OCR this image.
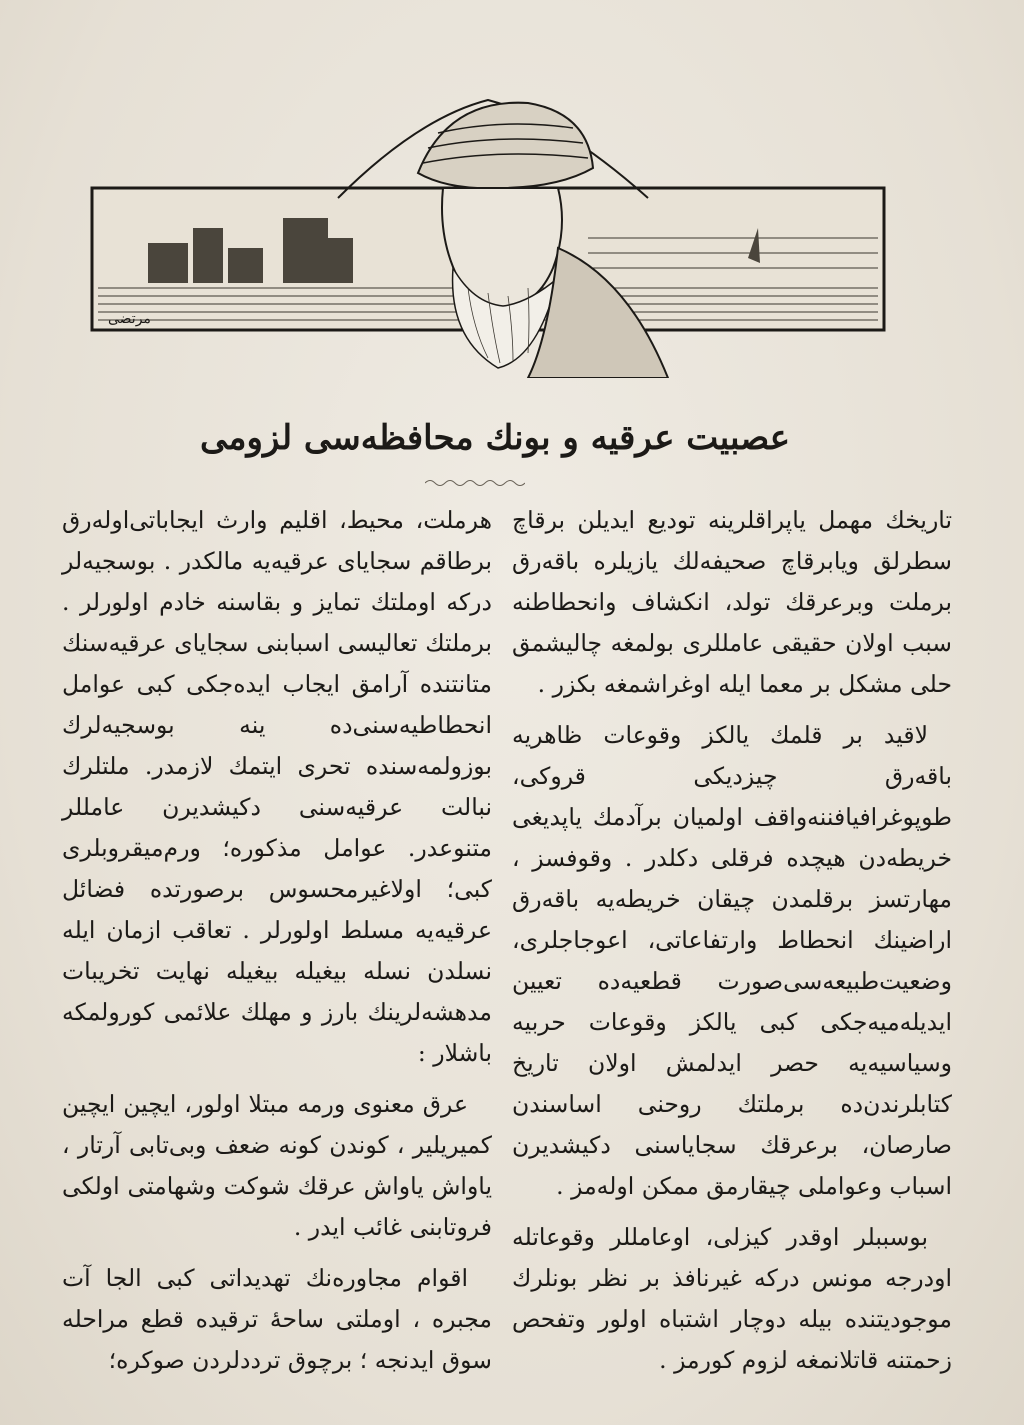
مرتضی
عصبیت عرقیه و بونك محافظه‌سی لزومی

تاریخك مهمل یاپراقلرینه تودیع ایدیلن برقاچ سطرلق ویابرقاچ صحیفه‌لك یازیلره باقه‌رق برملت وبرعرقك تولد، انکشاف وانحطاطنه سبب اولان حقیقی عامللری بولمغه چالیشمق حلی مشکل بر معما ایله اوغراشمغه بکزر .

لاقید بر قلمك یالکز وقوعات ظاهریه باقه‌رق چیزدیکی قروکی، طوپوغرافیافننه‌واقف اولمیان برآدمك یاپدیغی خریطه‌دن هیچده فرقلی دکلدر . وقوفسز ، مهارتسز برقلمدن چیقان خریطه‌یه باقه‌رق اراضینك انحطاط وارتفاعاتی، اعوجاجلری، وضعیت‌طبیعه‌سی‌صورت قطعیه‌ده تعیین ایدیله‌میه‌جکی کبی یالکز وقوعات حربیه وسیاسیه‌یه حصر ایدلمش اولان تاریخ کتابلرندن‌ده برملتك روحنی اساسندن صارصان، برعرقك سجایاسنی دکیشدیرن اسباب وعواملی چیقارمق ممکن اوله‌مز .

بوسببلر اوقدر کیزلی، اوعامللر وقوعاتله اودرجه مونس درکه غیرنافذ بر نظر بونلرك موجودیتنده بیله دوچار اشتباه اولور وتفحص زحمتنه قاتلانمغه لزوم کورمز .

هرملت، محیط، اقلیم وارث ایجاباتی‌اوله‌رق برطاقم سجایای عرقیه‌یه مالکدر . بوسجیه‌لر درکه اوملتك تمایز و بقاسنه خادم اولورلر . برملتك تعالیسی اسبابنی سجایای عرقیه‌سنك متانتنده آرامق ایجاب ایده‌جکی کبی عوامل انحطاطیه‌سنی‌ده ینه بوسجیه‌لرك بوزولمه‌سنده تحری ایتمك لازمدر. ملتلرك نبالت عرقیه‌سنی دکیشدیرن عامللر متنوعدر. عوامل مذکوره؛ ورم‌میقروبلری کبی؛ اولاغیرمحسوس برصورتده فضائل عرقیه‌یه مسلط اولورلر . تعاقب ازمان ایله نسلدن نسله بیغیله بیغیله نهایت تخریبات مدهشه‌لرینك بارز و مهلك علائمی کورولمکه باشلار :

عرق معنوی ورمه مبتلا اولور، ایچین ایچین کمیریلیر ، کوندن کونه ضعف وبی‌تابی آرتار ، یاواش یاواش عرقك شوکت وشهامتی اولکی فروتابنی غائب ایدر .

اقوام مجاوره‌نك تهدیداتی کبی الجا آت مجبره ، اوملتی ساحهٔ ترقیده قطع مراحله سوق ایدنجه ؛ برچوق ترددلردن صوکره؛
